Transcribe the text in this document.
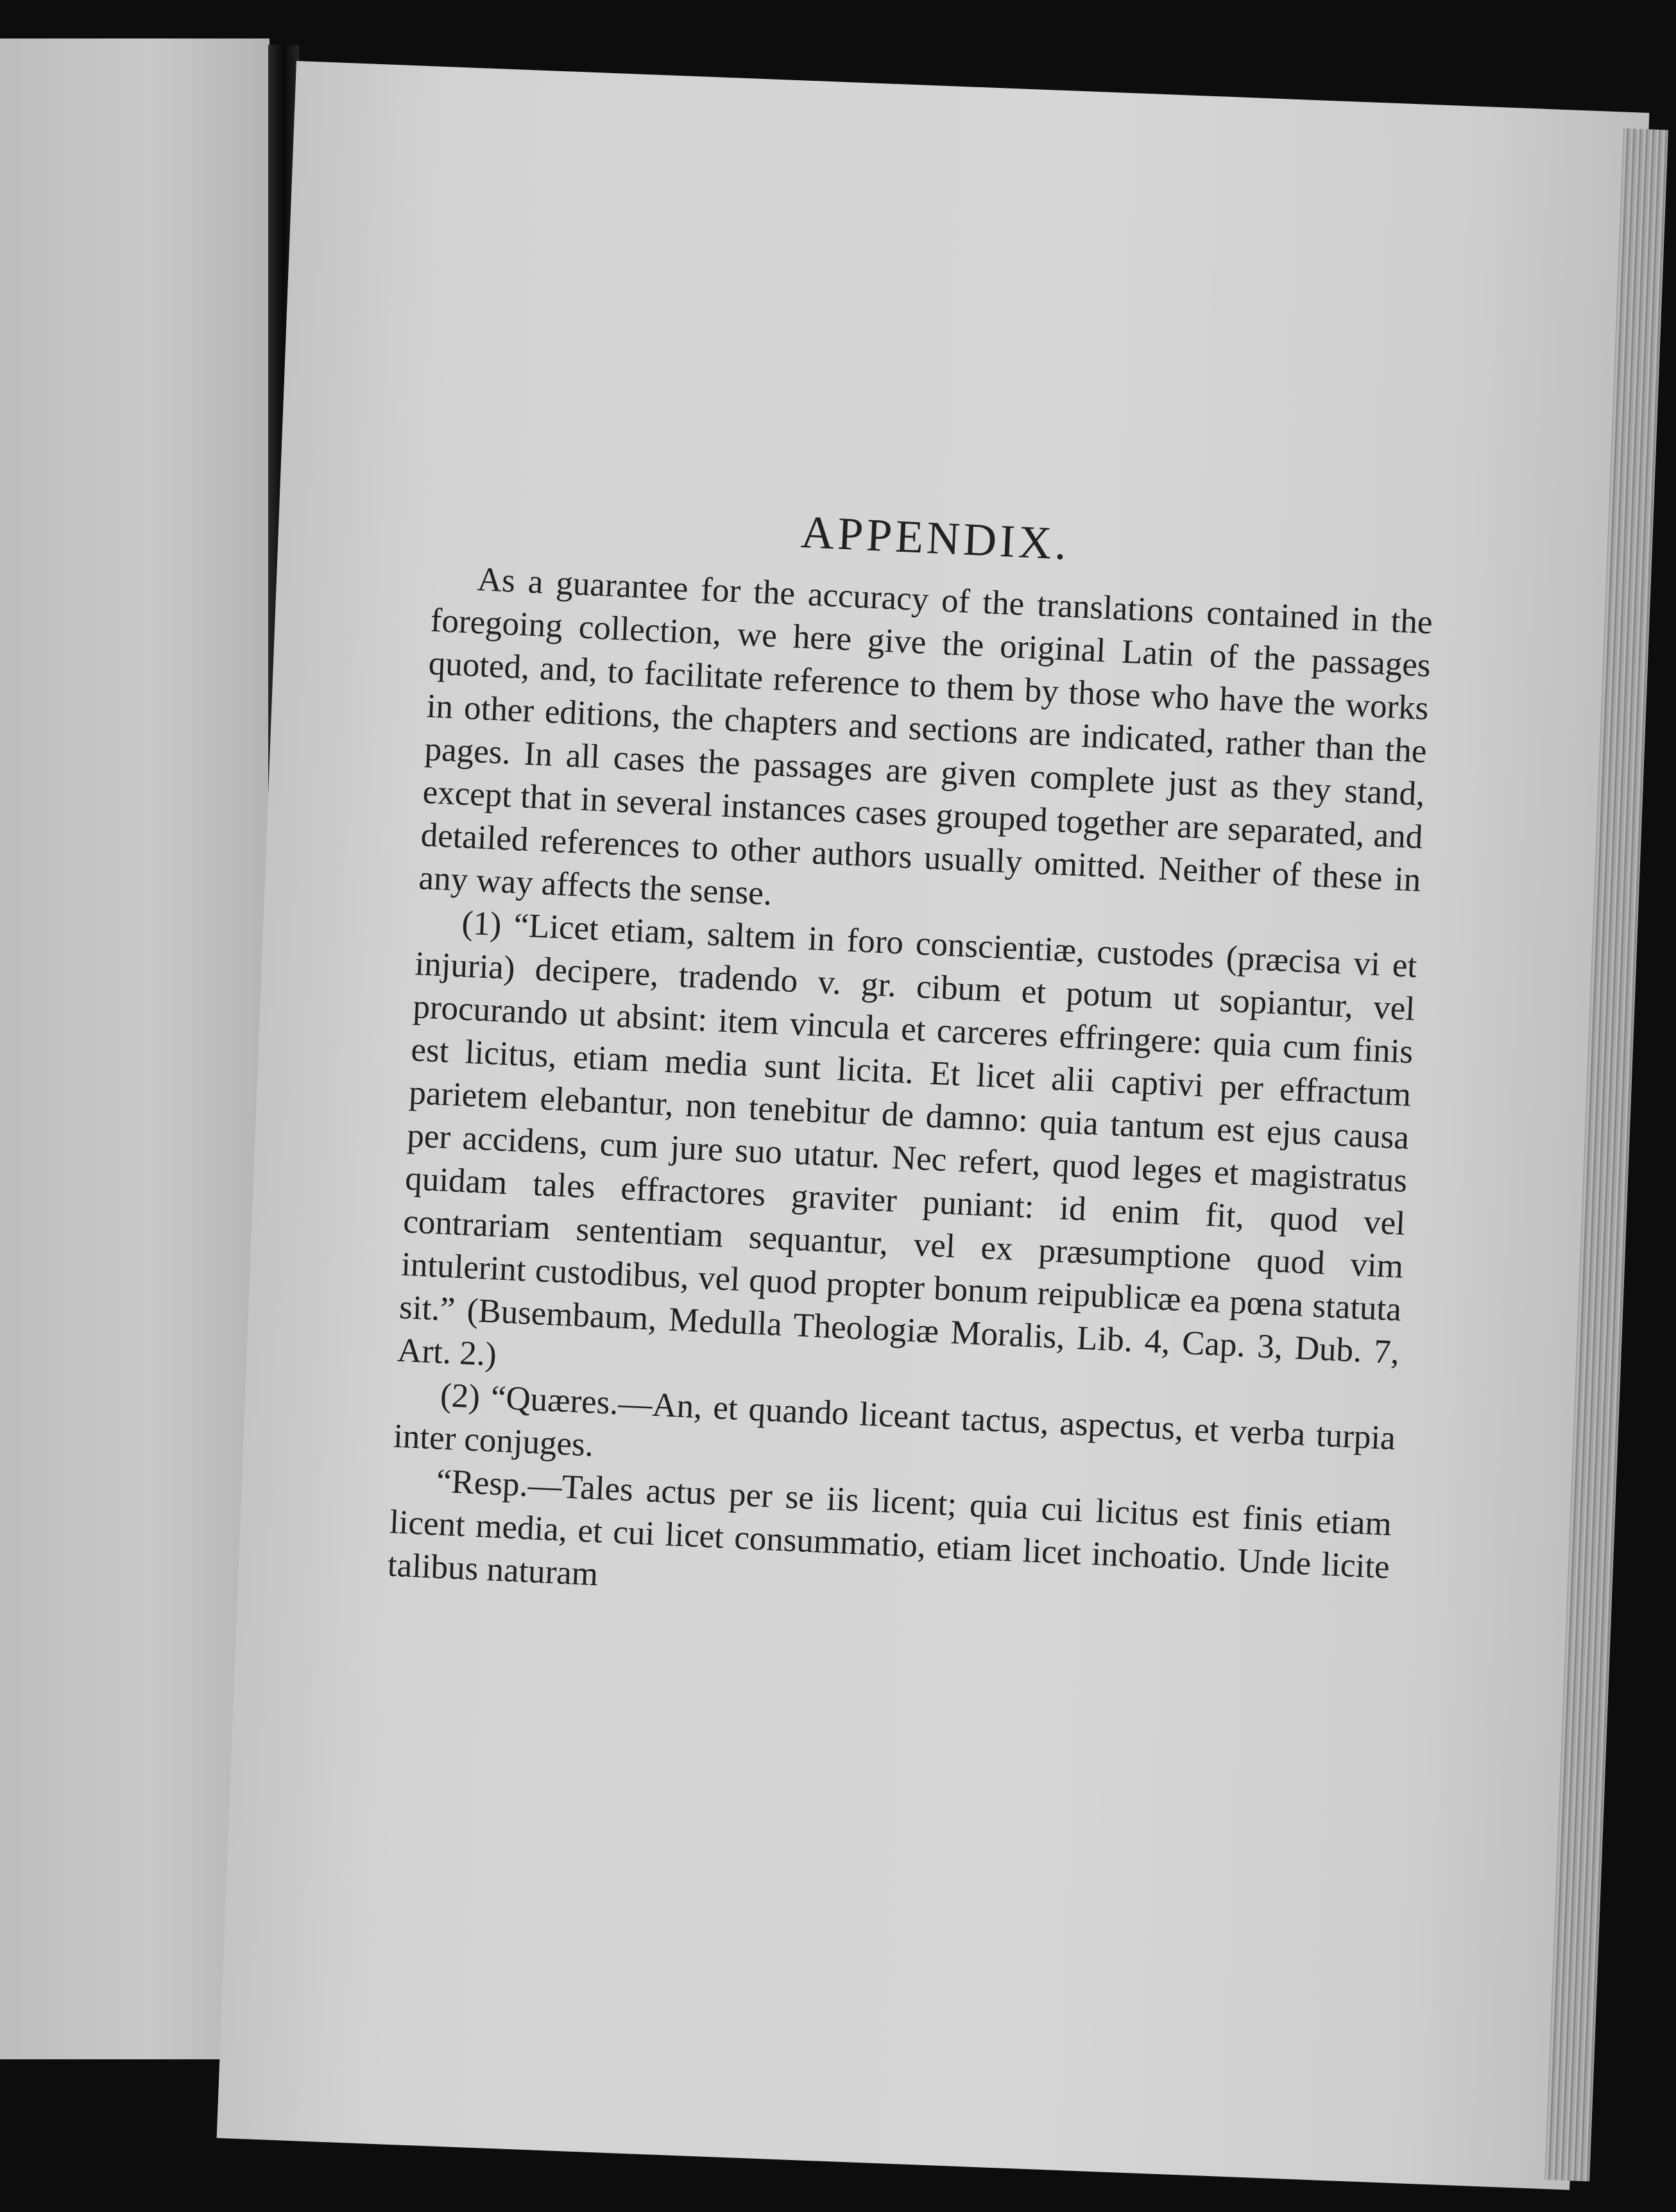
APPENDIX.

As a guarantee for the accuracy of the translations contained in the foregoing collection, we here give the original Latin of the passages quoted, and, to facilitate reference to them by those who have the works in other editions, the chapters and sections are indicated, rather than the pages. In all cases the passages are given complete just as they stand, except that in several instances cases grouped together are separated, and detailed references to other authors usually omitted. Neither of these in any way affects the sense.

(1) “Licet etiam, saltem in foro conscientiæ, custodes (præcisa vi et injuria) decipere, tradendo v. gr. cibum et potum ut sopiantur, vel procurando ut absint: item vincula et carceres effringere: quia cum finis est licitus, etiam media sunt licita. Et licet alii captivi per effractum parietem elebantur, non tenebitur de damno: quia tantum est ejus causa per accidens, cum jure suo utatur. Nec refert, quod leges et magistratus quidam tales effractores graviter puniant: id enim fit, quod vel contrariam sententiam sequantur, vel ex præsumptione quod vim intulerint custodibus, vel quod propter bonum reipublicæ ea pœna statuta sit.” (Busembaum, Medulla Theologiæ Moralis, Lib. 4, Cap. 3, Dub. 7, Art. 2.)

(2) “Quæres.—An, et quando liceant tactus, aspectus, et verba turpia inter conjuges.

“Resp.—Tales actus per se iis licent; quia cui licitus est finis etiam licent media, et cui licet consummatio, etiam licet inchoatio. Unde licite talibus naturam
